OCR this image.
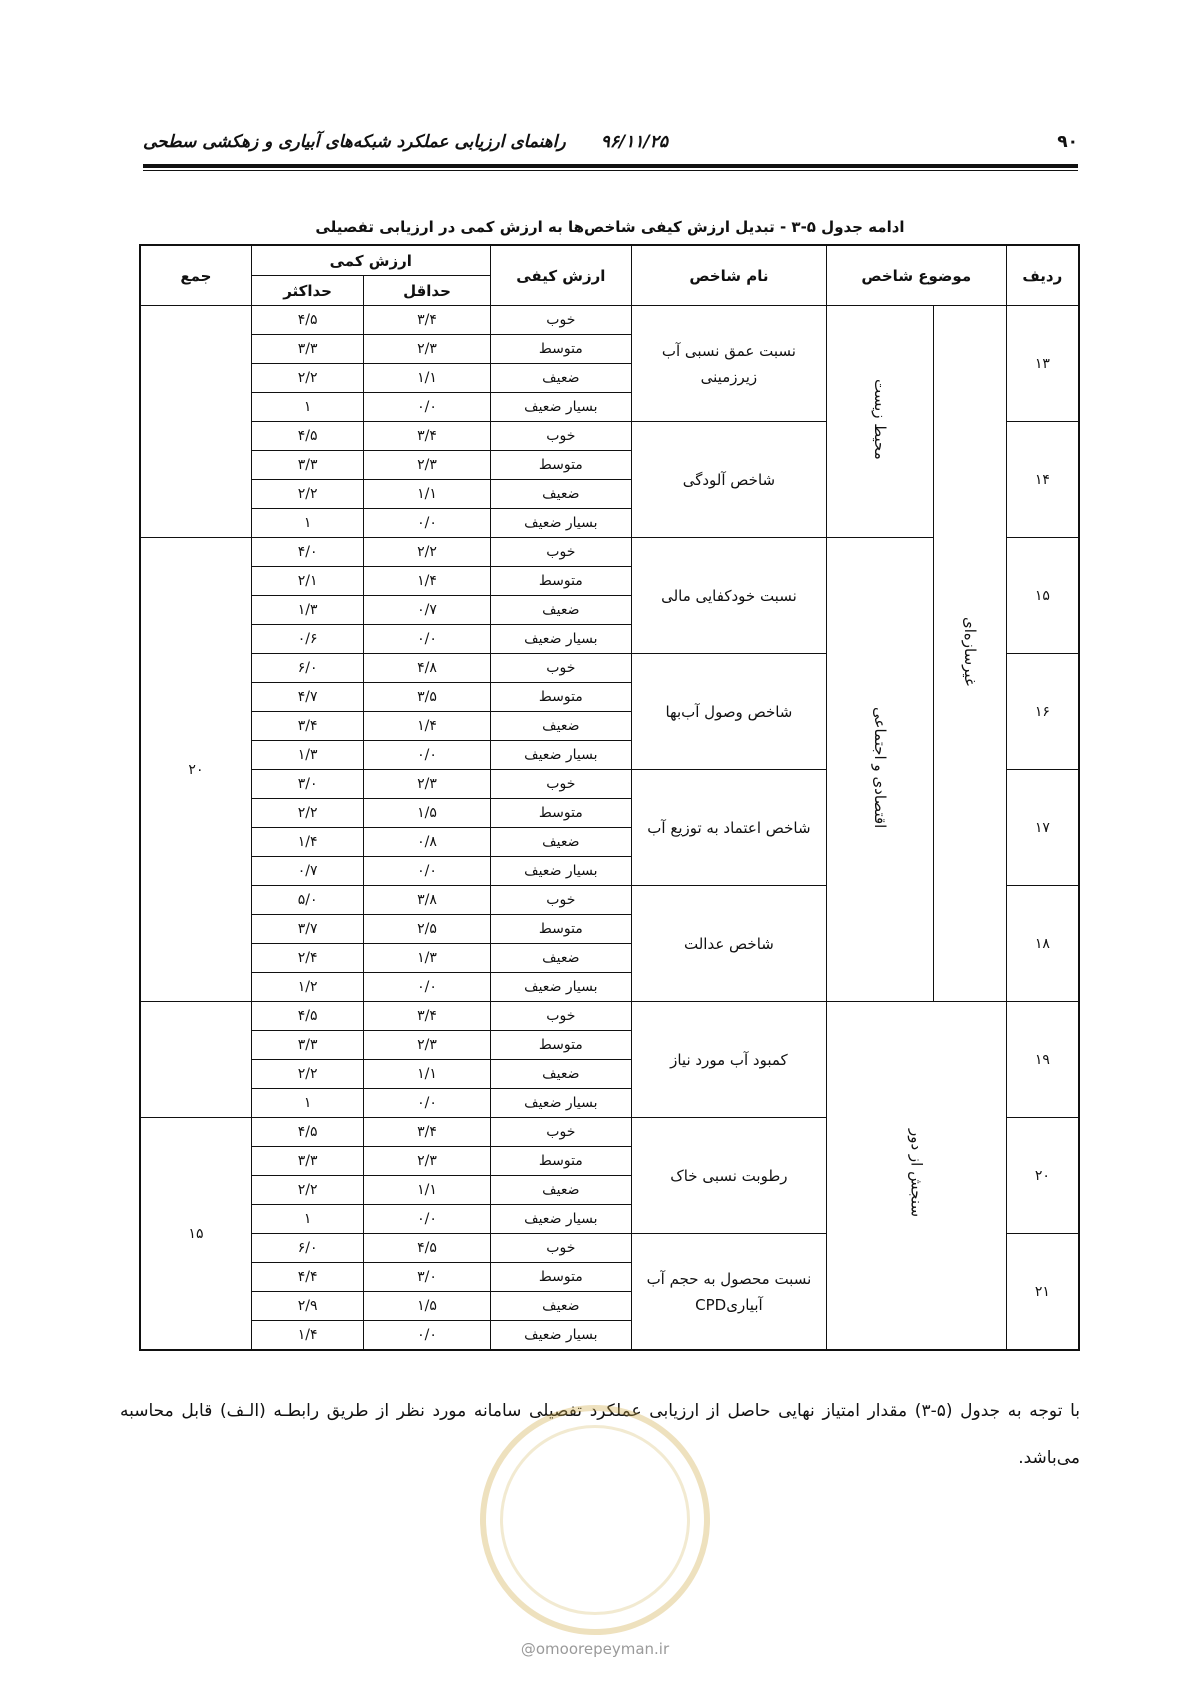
۹۰
۹۶/۱۱/۲۵
راهنمای ارزیابی عملکرد شبکه‌های آبیاری و زهکشی سطحی
ادامه جدول ۵-۳ - تبدیل ارزش کیفی شاخص‌ها به ارزش کمی در ارزیابی تفصیلی
ردیف	موضوع شاخص		نام شاخص	ارزش کیفی	ارزش کمی		جمع
					حداقل	حداکثر	
۱۳	غیرسازه‌ای	محیط زیست	نسبت عمق نسبی آب زیرزمینی	خوب	۳/۴	۴/۵	
				متوسط	۲/۳	۳/۳	
				ضعیف	۱/۱	۲/۲	
				بسیار ضعیف	۰/۰	۱	
۱۴			شاخص آلودگی	خوب	۳/۴	۴/۵	
				متوسط	۲/۳	۳/۳	
				ضعیف	۱/۱	۲/۲	
				بسیار ضعیف	۰/۰	۱	
۱۵		اقتصادی و اجتماعی	نسبت خودکفایی مالی	خوب	۲/۲	۴/۰	۲۰
				متوسط	۱/۴	۲/۱	
				ضعیف	۰/۷	۱/۳	
				بسیار ضعیف	۰/۰	۰/۶	
۱۶			شاخص وصول آب‌بها	خوب	۴/۸	۶/۰	
				متوسط	۳/۵	۴/۷	
				ضعیف	۱/۴	۳/۴	
				بسیار ضعیف	۰/۰	۱/۳	
۱۷			شاخص اعتماد به توزیع آب	خوب	۲/۳	۳/۰	
				متوسط	۱/۵	۲/۲	
				ضعیف	۰/۸	۱/۴	
				بسیار ضعیف	۰/۰	۰/۷	
۱۸			شاخص عدالت	خوب	۳/۸	۵/۰	
				متوسط	۲/۵	۳/۷	
				ضعیف	۱/۳	۲/۴	
				بسیار ضعیف	۰/۰	۱/۲	
۱۹	سنجش از دور		کمبود آب مورد نیاز	خوب	۳/۴	۴/۵	
				متوسط	۲/۳	۳/۳	
				ضعیف	۱/۱	۲/۲	
				بسیار ضعیف	۰/۰	۱	
۲۰			رطوبت نسبی خاک	خوب	۳/۴	۴/۵	۱۵
				متوسط	۲/۳	۳/۳	
				ضعیف	۱/۱	۲/۲	
				بسیار ضعیف	۰/۰	۱	
۲۱			نسبت محصول به حجم آب آبیاریCPD	خوب	۴/۵	۶/۰	
				متوسط	۳/۰	۴/۴	
				ضعیف	۱/۵	۲/۹	
				بسیار ضعیف	۰/۰	۱/۴	
با توجه به جدول (۵-۳) مقدار امتیاز نهایی حاصل از ارزیابی عملکرد تفصیلی سامانه مورد نظر از طریق رابطـه (الـف) قابل محاسبه می‌باشد.
@omoorepeyman.ir
